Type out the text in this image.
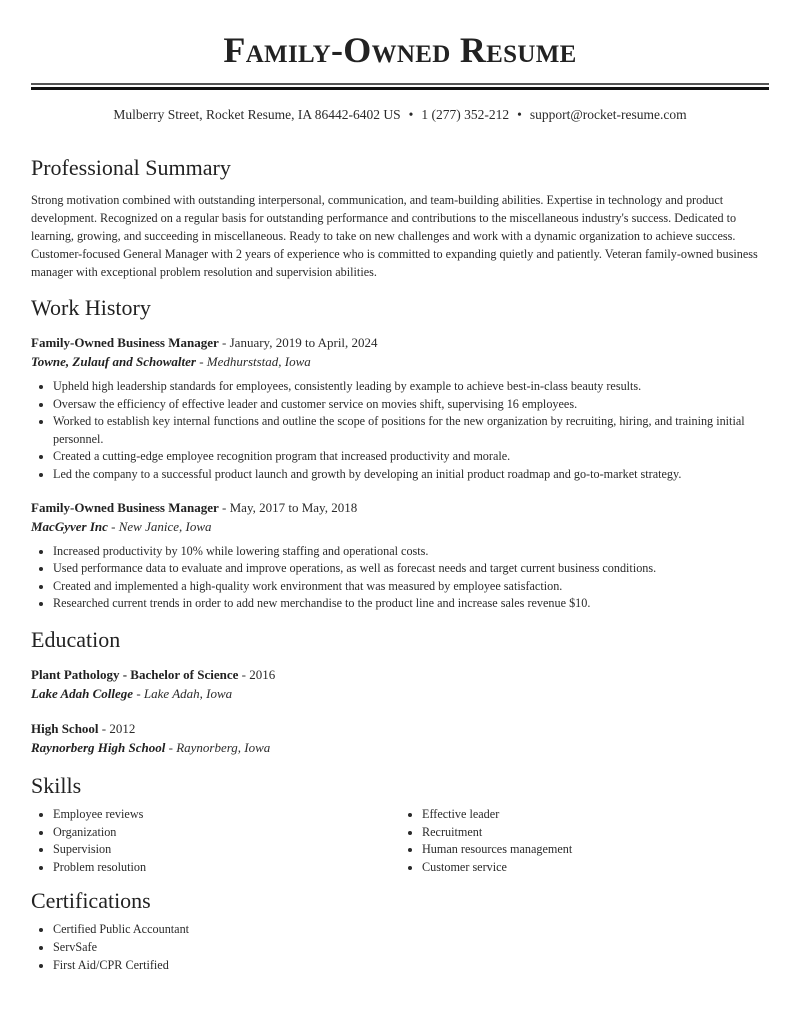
Family-Owned Resume
Mulberry Street, Rocket Resume, IA 86442-6402 US • 1 (277) 352-212 • support@rocket-resume.com
Professional Summary

Strong motivation combined with outstanding interpersonal, communication, and team-building abilities. Expertise in technology and product development. Recognized on a regular basis for outstanding performance and contributions to the miscellaneous industry's success. Dedicated to learning, growing, and succeeding in miscellaneous. Ready to take on new challenges and work with a dynamic organization to achieve success. Customer-focused General Manager with 2 years of experience who is committed to expanding quietly and patiently. Veteran family-owned business manager with exceptional problem resolution and supervision abilities.

Work History
Family-Owned Business Manager - January, 2019 to April, 2024
Towne, Zulauf and Schowalter - Medhurststad, Iowa
• Upheld high leadership standards for employees, consistently leading by example to achieve best-in-class beauty results.
• Oversaw the efficiency of effective leader and customer service on movies shift, supervising 16 employees.
• Worked to establish key internal functions and outline the scope of positions for the new organization by recruiting, hiring, and training initial personnel.
• Created a cutting-edge employee recognition program that increased productivity and morale.
• Led the company to a successful product launch and growth by developing an initial product roadmap and go-to-market strategy.
Family-Owned Business Manager - May, 2017 to May, 2018
MacGyver Inc - New Janice, Iowa
• Increased productivity by 10% while lowering staffing and operational costs.
• Used performance data to evaluate and improve operations, as well as forecast needs and target current business conditions.
• Created and implemented a high-quality work environment that was measured by employee satisfaction.
• Researched current trends in order to add new merchandise to the product line and increase sales revenue $10.
Education
Plant Pathology - Bachelor of Science - 2016
Lake Adah College - Lake Adah, Iowa
High School - 2012
Raynorberg High School - Raynorberg, Iowa
Skills
• Employee reviews
• Organization
• Supervision
• Problem resolution
• Effective leader
• Recruitment
• Human resources management
• Customer service
Certifications
• Certified Public Accountant
• ServSafe
• First Aid/CPR Certified
